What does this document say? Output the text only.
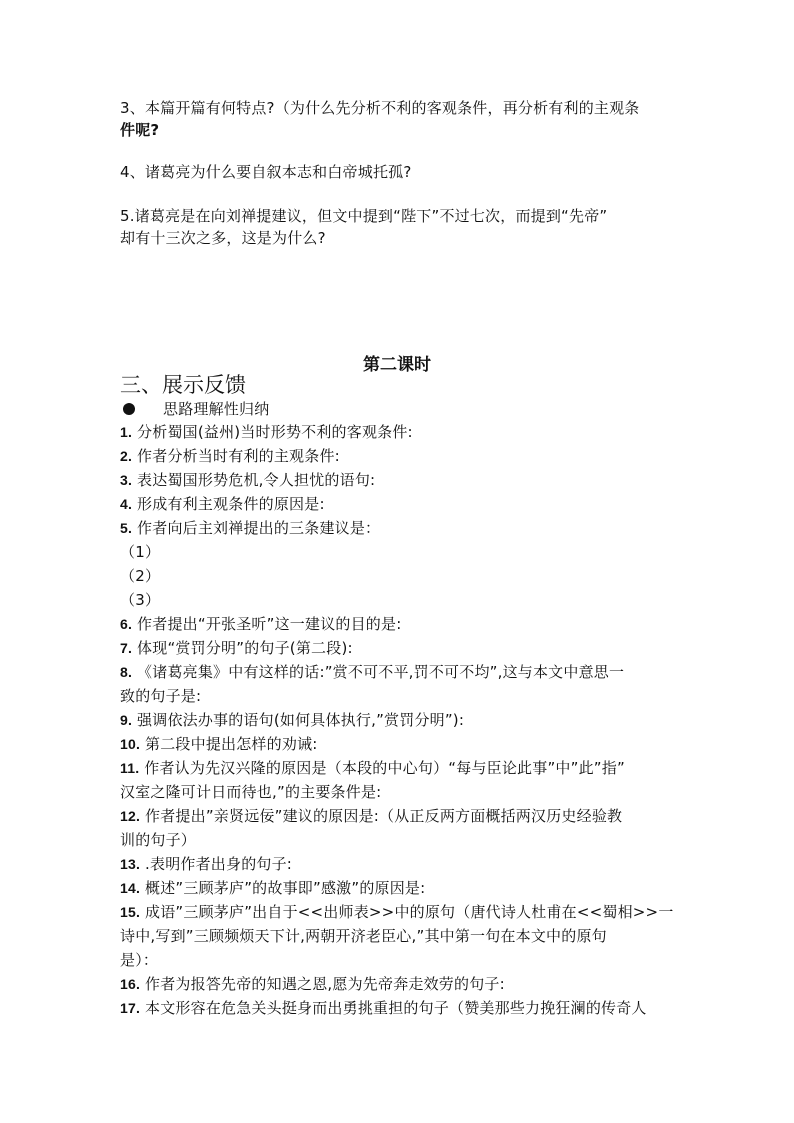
3、本篇开篇有何特点?（为什么先分析不利的客观条件，再分析有利的主观条
件呢?
4、诸葛亮为什么要自叙本志和白帝城托孤?
5.诸葛亮是在向刘禅提建议，但文中提到“陛下”不过七次，而提到“先帝”
却有十三次之多，这是为什么?
第二课时
三、展示反馈
思路理解性归纳
1. 分析蜀国(益州)当时形势不利的客观条件:
2. 作者分析当时有利的主观条件:
3. 表达蜀国形势危机,令人担忧的语句:
4. 形成有利主观条件的原因是:
5. 作者向后主刘禅提出的三条建议是：
（1）
（2）
（3）
6. 作者提出“开张圣听”这一建议的目的是:
7. 体现“赏罚分明”的句子(第二段):
8. 《诸葛亮集》中有这样的话:”赏不可不平,罚不可不均”,这与本文中意思一
致的句子是:
9. 强调依法办事的语句(如何具体执行,”赏罚分明”):
10. 第二段中提出怎样的劝诫:
11. 作者认为先汉兴隆的原因是（本段的中心句）“每与臣论此事”中”此”指”
汉室之隆可计日而待也,”的主要条件是:
12. 作者提出”亲贤远佞”建议的原因是:（从正反两方面概括两汉历史经验教
训的句子）
13. .表明作者出身的句子:
14. 概述”三顾茅庐”的故事即”感激”的原因是:
15. 成语”三顾茅庐”出自于<<出师表>>中的原句（唐代诗人杜甫在<<蜀相>>一
诗中,写到”三顾频烦天下计,两朝开济老臣心,”其中第一句在本文中的原句
是）：
16. 作者为报答先帝的知遇之恩,愿为先帝奔走效劳的句子:
17. 本文形容在危急关头挺身而出勇挑重担的句子（赞美那些力挽狂澜的传奇人
